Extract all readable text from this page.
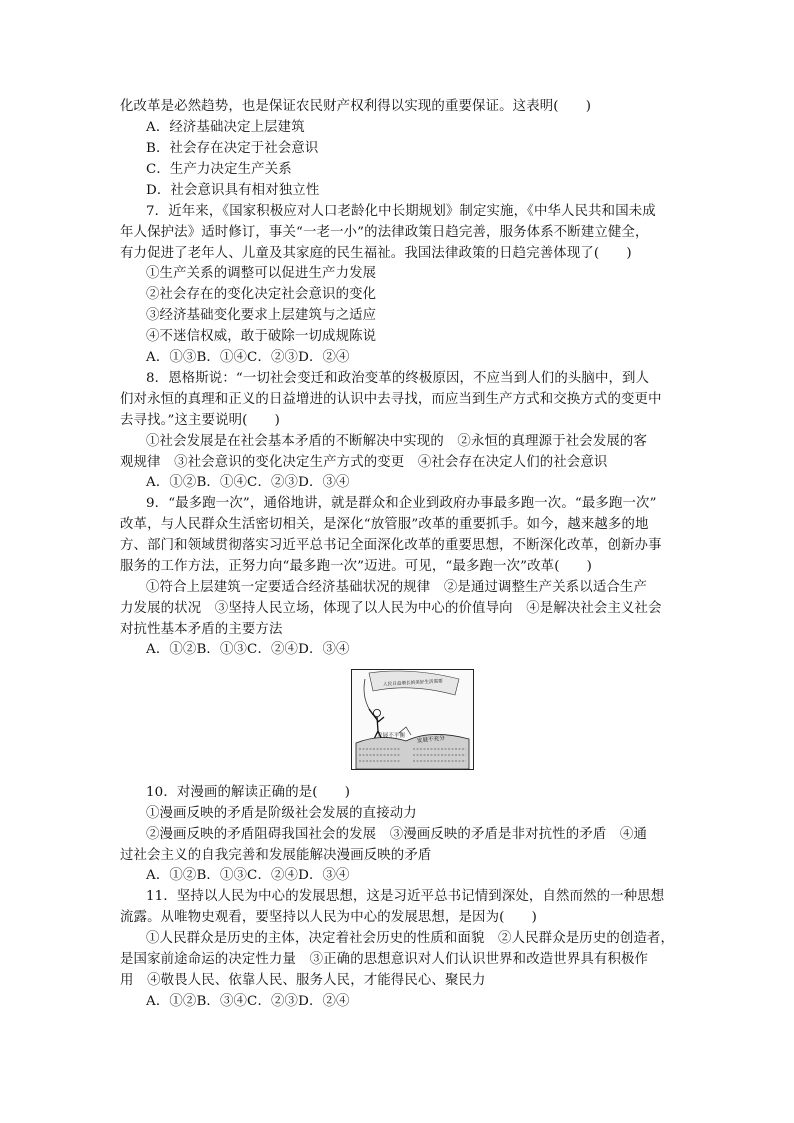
化改革是必然趋势，也是保证农民财产权利得以实现的重要保证。这表明(　　)
A．经济基础决定上层建筑
B．社会存在决定于社会意识
C．生产力决定生产关系
D．社会意识具有相对独立性
7．近年来，《国家积极应对人口老龄化中长期规划》制定实施，《中华人民共和国未成
年人保护法》适时修订，事关“一老一小”的法律政策日趋完善，服务体系不断建立健全，
有力促进了老年人、儿童及其家庭的民生福祉。我国法律政策的日趋完善体现了(　　)
①生产关系的调整可以促进生产力发展
②社会存在的变化决定社会意识的变化
③经济基础变化要求上层建筑与之适应
④不迷信权威，敢于破除一切成规陈说
A．①③B．①④C．②③D．②④
8．恩格斯说：“一切社会变迁和政治变革的终极原因，不应当到人们的头脑中，到人
们对永恒的真理和正义的日益增进的认识中去寻找，而应当到生产方式和交换方式的变更中
去寻找。”这主要说明(　　)
①社会发展是在社会基本矛盾的不断解决中实现的　②永恒的真理源于社会发展的客
观规律　③社会意识的变化决定生产方式的变更　④社会存在决定人们的社会意识
A．①②B．①④C．②③D．③④
9．“最多跑一次”，通俗地讲，就是群众和企业到政府办事最多跑一次。“最多跑一次”
改革，与人民群众生活密切相关，是深化“放管服”改革的重要抓手。如今，越来越多的地
方、部门和领域贯彻落实习近平总书记全面深化改革的重要思想，不断深化改革，创新办事
服务的工作方法，正努力向“最多跑一次”迈进。可见，“最多跑一次”改革(　　)
①符合上层建筑一定要适合经济基础状况的规律　②是通过调整生产关系以适合生产
力发展的状况　③坚持人民立场，体现了以人民为中心的价值导向　④是解决社会主义社会
对抗性基本矛盾的主要方法
A．①②B．①③C．②④D．③④
人民日益增长的美好生活需要
发展不平衡 发展不充分
10．对漫画的解读正确的是(　　)
①漫画反映的矛盾是阶级社会发展的直接动力
②漫画反映的矛盾阻碍我国社会的发展　③漫画反映的矛盾是非对抗性的矛盾　④通
过社会主义的自我完善和发展能解决漫画反映的矛盾
A．①②B．①③C．②④D．③④
11．坚持以人民为中心的发展思想，这是习近平总书记情到深处，自然而然的一种思想
流露。从唯物史观看，要坚持以人民为中心的发展思想，是因为(　　)
①人民群众是历史的主体，决定着社会历史的性质和面貌　②人民群众是历史的创造者，
是国家前途命运的决定性力量　③正确的思想意识对人们认识世界和改造世界具有积极作
用　④敬畏人民、依靠人民、服务人民，才能得民心、聚民力
A．①②B．③④C．②③D．②④
